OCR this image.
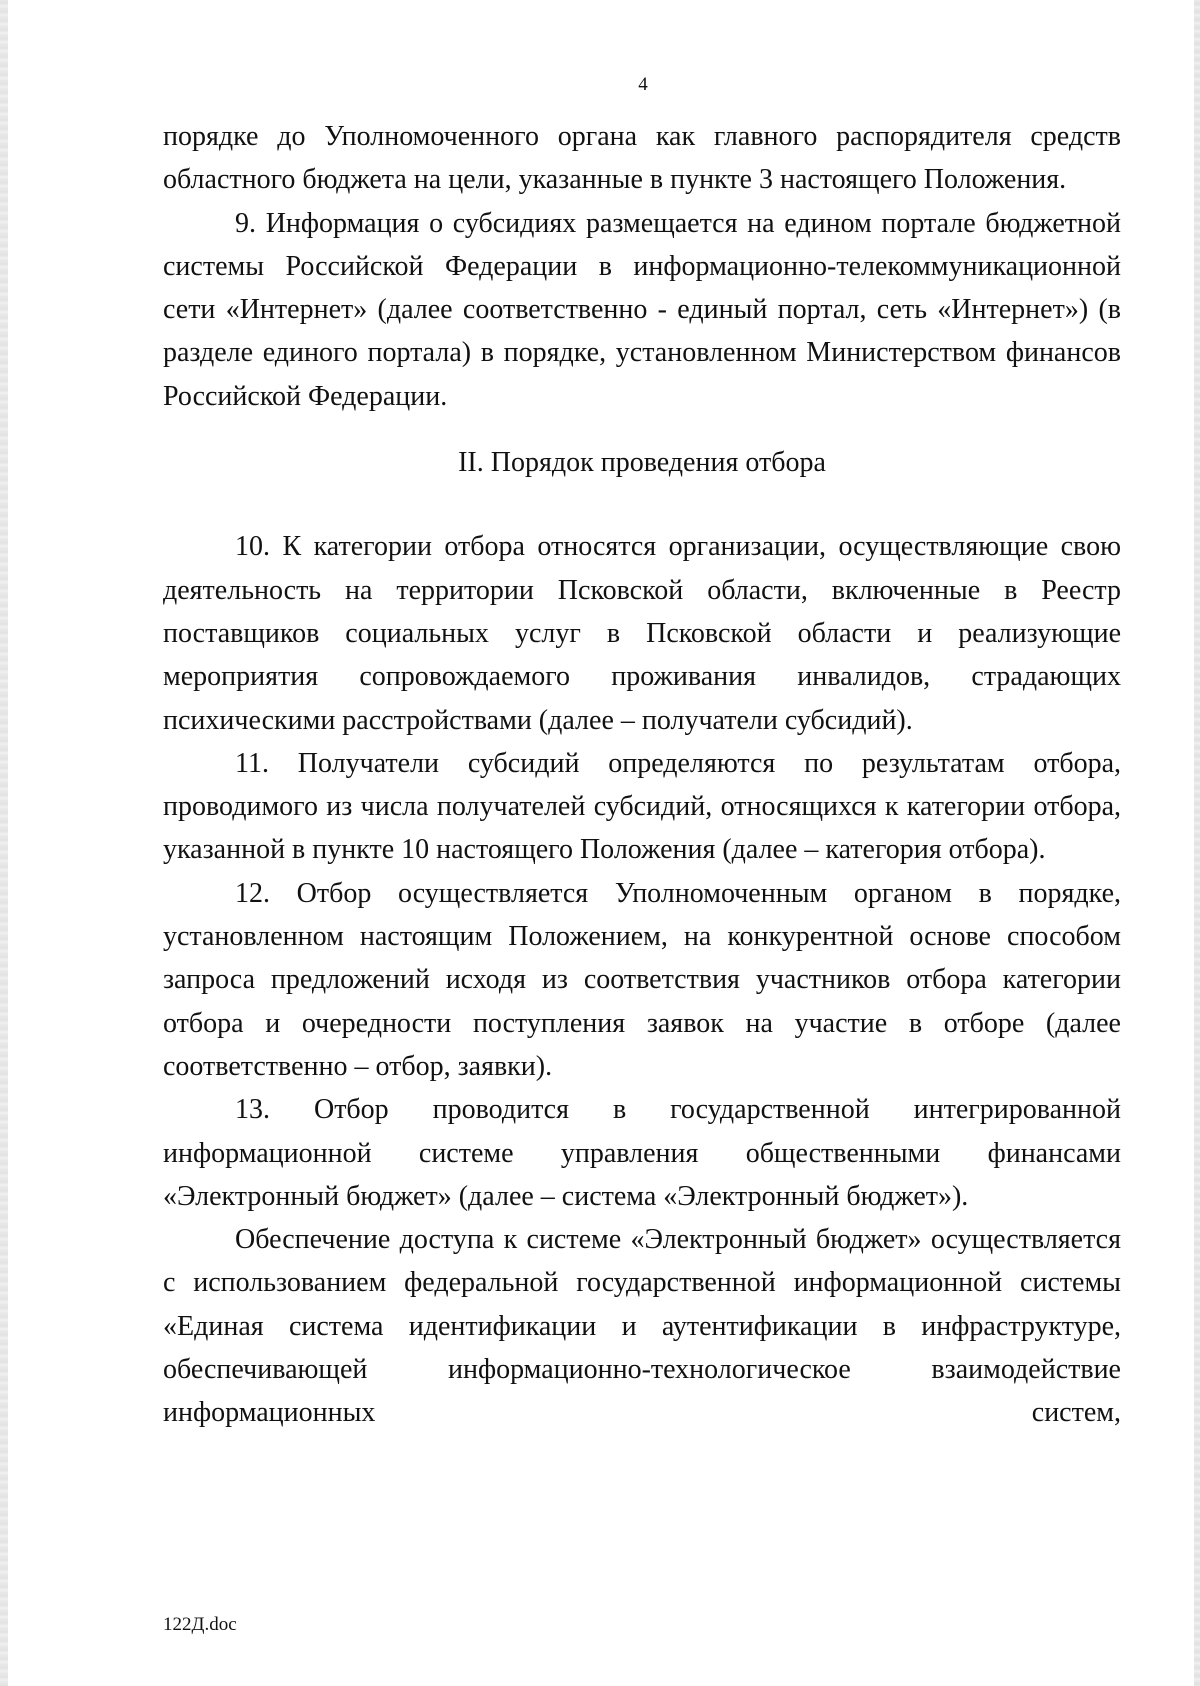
4

порядке до Уполномоченного органа как главного распорядителя средств областного бюджета на цели, указанные в пункте 3 настоящего Положения.

9. Информация о субсидиях размещается на едином портале бюджетной системы Российской Федерации в информационно-телекоммуникационной сети «Интернет» (далее соответственно - единый портал, сеть «Интернет») (в разделе единого портала) в порядке, установленном Министерством финансов Российской Федерации.

II. Порядок проведения отбора

10. К категории отбора относятся организации, осуществляющие свою деятельность на территории Псковской области, включенные в Реестр поставщиков социальных услуг в Псковской области и реализующие мероприятия сопровождаемого проживания инвалидов, страдающих психическими расстройствами (далее – получатели субсидий).

11. Получатели субсидий определяются по результатам отбора, проводимого из числа получателей субсидий, относящихся к категории отбора, указанной в пункте 10 настоящего Положения (далее – категория отбора).

12. Отбор осуществляется Уполномоченным органом в порядке, установленном настоящим Положением, на конкурентной основе способом запроса предложений исходя из соответствия участников отбора категории отбора и очередности поступления заявок на участие в отборе (далее соответственно – отбор, заявки).

13. Отбор проводится в государственной интегрированной информационной системе управления общественными финансами «Электронный бюджет» (далее – система «Электронный бюджет»).

Обеспечение доступа к системе «Электронный бюджет» осуществляется с использованием федеральной государственной информационной системы «Единая система идентификации и аутентификации в инфраструктуре, обеспечивающей информационно-технологическое взаимодействие информационных систем,

122Д.doc
